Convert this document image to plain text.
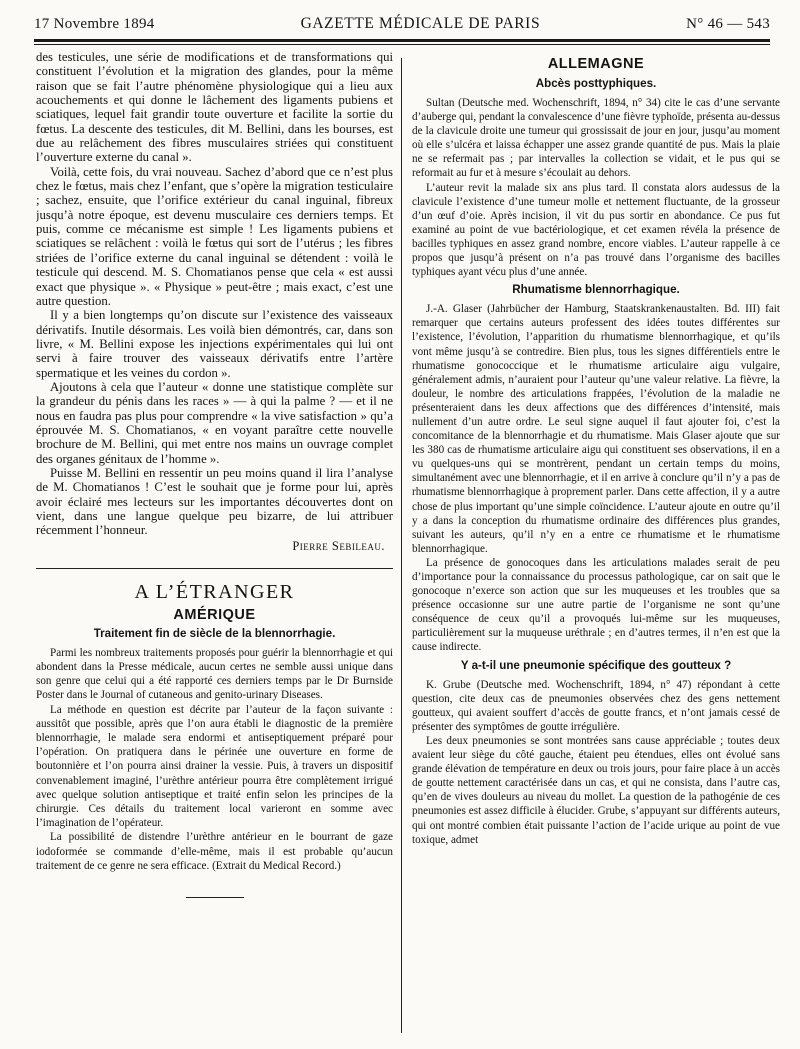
17 Novembre 1894	GAZETTE MÉDICALE DE PARIS	N° 46 — 543

des testicules, une série de modifications et de transformations qui constituent l’évolution et la migration des glandes, pour la même raison que se fait l’autre phénomène physiologique qui a lieu aux acouchements et qui donne le lâchement des ligaments pubiens et sciatiques, lequel fait grandir toute ouverture et facilite la sortie du fœtus. La descente des testicules, dit M. Bellini, dans les bourses, est due au relâchement des fibres musculaires striées qui constituent l’ouverture externe du canal ».

Voilà, cette fois, du vrai nouveau. Sachez d’abord que ce n’est plus chez le fœtus, mais chez l’enfant, que s’opère la migration testiculaire ; sachez, ensuite, que l’orifice extérieur du canal inguinal, fibreux jusqu’à notre époque, est devenu musculaire ces derniers temps. Et puis, comme ce mécanisme est simple ! Les ligaments pubiens et sciatiques se relâchent : voilà le fœtus qui sort de l’utérus ; les fibres striées de l’orifice externe du canal inguinal se détendent : voilà le testicule qui descend. M. S. Chomatianos pense que cela « est aussi exact que physique ». « Physique » peut-être ; mais exact, c’est une autre question.

Il y a bien longtemps qu’on discute sur l’existence des vaisseaux dérivatifs. Inutile désormais. Les voilà bien démontrés, car, dans son livre, « M. Bellini expose les injections expérimentales qui lui ont servi à faire trouver des vaisseaux dérivatifs entre l’artère spermatique et les veines du cordon ».

Ajoutons à cela que l’auteur « donne une statistique complète sur la grandeur du pénis dans les races » — à qui la palme ? — et il ne nous en faudra pas plus pour comprendre « la vive satisfaction » qu’a éprouvée M. S. Chomatianos, « en voyant paraître cette nouvelle brochure de M. Bellini, qui met entre nos mains un ouvrage complet des organes génitaux de l’homme ».

Puisse M. Bellini en ressentir un peu moins quand il lira l’analyse de M. Chomatianos ! C’est le souhait que je forme pour lui, après avoir éclairé mes lecteurs sur les importantes découvertes dont on vient, dans une langue quelque peu bizarre, de lui attribuer récemment l’honneur.

Pierre Sebileau.
A L’ÉTRANGER
AMÉRIQUE
Traitement fin de siècle de la blennorrhagie.

Parmi les nombreux traitements proposés pour guérir la blennorrhagie et qui abondent dans la Presse médicale, aucun certes ne semble aussi unique dans son genre que celui qui a été rapporté ces derniers temps par le Dr Burnside Poster dans le Journal of cutaneous and genito-urinary Diseases.

La méthode en question est décrite par l’auteur de la façon suivante : aussitôt que possible, après que l’on aura établi le diagnostic de la première blennorrhagie, le malade sera endormi et antiseptiquement préparé pour l’opération. On pratiquera dans le périnée une ouverture en forme de boutonnière et l’on pourra ainsi drainer la vessie. Puis, à travers un dispositif convenablement imaginé, l’urèthre antérieur pourra être complètement irrigué avec quelque solution antiseptique et traité enfin selon les principes de la chirurgie. Ces détails du traitement local varieront en somme avec l’imagination de l’opérateur.

La possibilité de distendre l’urèthre antérieur en le bourrant de gaze iodoformée se commande d’elle-même, mais il est probable qu’aucun traitement de ce genre ne sera efficace. (Extrait du Medical Record.)

ALLEMAGNE
Abcès posttyphiques.

Sultan (Deutsche med. Wochenschrift, 1894, n° 34) cite le cas d’une servante d’auberge qui, pendant la convalescence d’une fièvre typhoïde, présenta au-dessus de la clavicule droite une tumeur qui grossissait de jour en jour, jusqu’au moment où elle s’ulcéra et laissa échapper une assez grande quantité de pus. Mais la plaie ne se refermait pas ; par intervalles la collection se vidait, et le pus qui se reformait au fur et à mesure s’écoulait au dehors.

L’auteur revit la malade six ans plus tard. Il constata alors audessus de la clavicule l’existence d’une tumeur molle et nettement fluctuante, de la grosseur d’un œuf d’oie. Après incision, il vit du pus sortir en abondance. Ce pus fut examiné au point de vue bactériologique, et cet examen révéla la présence de bacilles typhiques en assez grand nombre, encore viables. L’auteur rappelle à ce propos que jusqu’à présent on n’a pas trouvé dans l’organisme des bacilles typhiques ayant vécu plus d’une année.

Rhumatisme blennorrhagique.

J.-A. Glaser (Jahrbücher der Hamburg, Staatskrankenaustalten. Bd. III) fait remarquer que certains auteurs professent des idées toutes différentes sur l’existence, l’évolution, l’apparition du rhumatisme blennorrhagique, et qu’ils vont même jusqu’à se contredire. Bien plus, tous les signes différentiels entre le rhumatisme gonococcique et le rhumatisme articulaire aigu vulgaire, généralement admis, n’auraient pour l’auteur qu’une valeur relative. La fièvre, la douleur, le nombre des articulations frappées, l’évolution de la maladie ne présenteraient dans les deux affections que des différences d’intensité, mais nullement d’un autre ordre. Le seul signe auquel il faut ajouter foi, c’est la concomitance de la blennorrhagie et du rhumatisme. Mais Glaser ajoute que sur les 380 cas de rhumatisme articulaire aigu qui constituent ses observations, il en a vu quelques-uns qui se montrèrent, pendant un certain temps du moins, simultanément avec une blennorrhagie, et il en arrive à conclure qu’il n’y a pas de rhumatisme blennorrhagique à proprement parler. Dans cette affection, il y a autre chose de plus important qu’une simple coïncidence. L’auteur ajoute en outre qu’il y a dans la conception du rhumatisme ordinaire des différences plus grandes, suivant les auteurs, qu’il n’y en a entre ce rhumatisme et le rhumatisme blennorrhagique.

La présence de gonocoques dans les articulations malades serait de peu d’importance pour la connaissance du processus pathologique, car on sait que le gonocoque n’exerce son action que sur les muqueuses et les troubles que sa présence occasionne sur une autre partie de l’organisme ne sont qu’une conséquence de ceux qu’il a provoqués lui-même sur les muqueuses, particulièrement sur la muqueuse uréthrale ; en d’autres termes, il n’en est que la cause indirecte.

Y a-t-il une pneumonie spécifique des goutteux ?

K. Grube (Deutsche med. Wochenschrift, 1894, n° 47) répondant à cette question, cite deux cas de pneumonies observées chez des gens nettement goutteux, qui avaient souffert d’accès de goutte francs, et n’ont jamais cessé de présenter des symptômes de goutte irrégulière.

Les deux pneumonies se sont montrées sans cause appréciable ; toutes deux avaient leur siège du côté gauche, étaient peu étendues, elles ont évolué sans grande élévation de température en deux ou trois jours, pour faire place à un accès de goutte nettement caractérisée dans un cas, et qui ne consista, dans l’autre cas, qu’en de vives douleurs au niveau du mollet. La question de la pathogénie de ces pneumonies est assez difficile à élucider. Grube, s’appuyant sur différents auteurs, qui ont montré combien était puissante l’action de l’acide urique au point de vue toxique, admet
